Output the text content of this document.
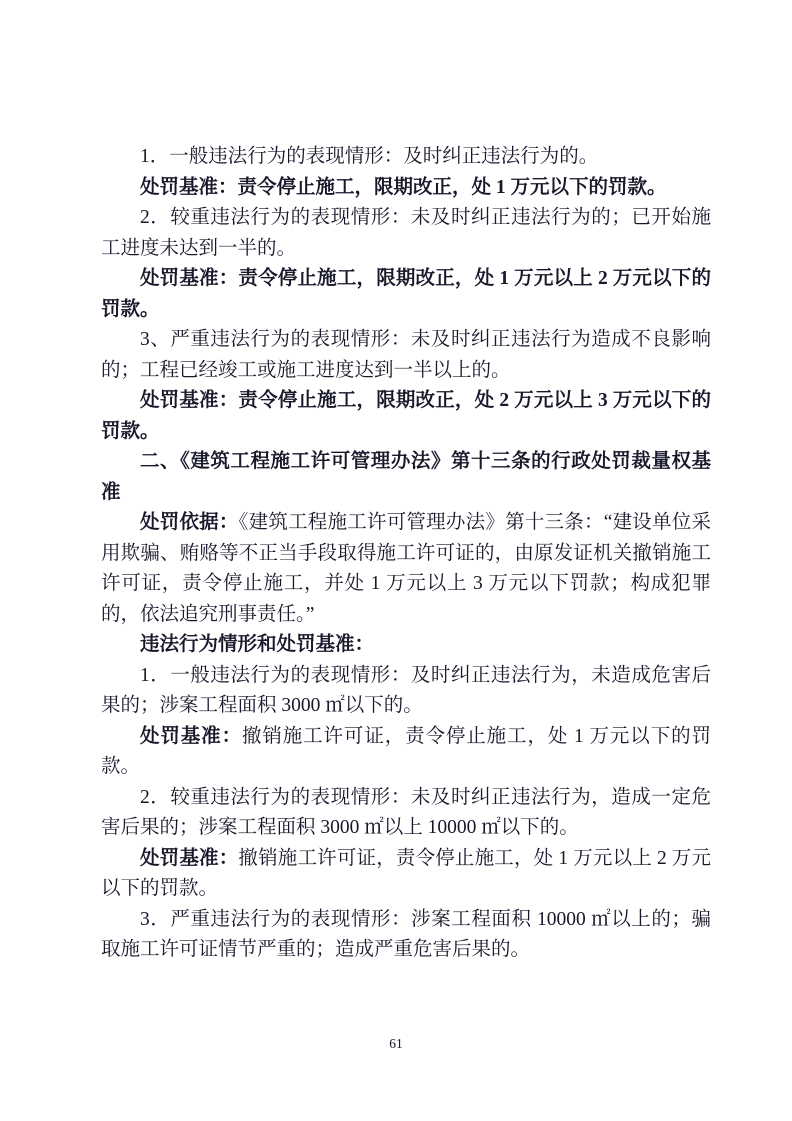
1．一般违法行为的表现情形：及时纠正违法行为的。

处罚基准：责令停止施工，限期改正，处 1 万元以下的罚款。

2．较重违法行为的表现情形：未及时纠正违法行为的；已开始施工进度未达到一半的。

处罚基准：责令停止施工，限期改正，处 1 万元以上 2 万元以下的罚款。

3、严重违法行为的表现情形：未及时纠正违法行为造成不良影响的；工程已经竣工或施工进度达到一半以上的。

处罚基准：责令停止施工，限期改正，处 2 万元以上 3 万元以下的罚款。

二、《建筑工程施工许可管理办法》第十三条的行政处罚裁量权基准

处罚依据：《建筑工程施工许可管理办法》第十三条：“建设单位采用欺骗、贿赂等不正当手段取得施工许可证的，由原发证机关撤销施工许可证，责令停止施工，并处 1 万元以上 3 万元以下罚款；构成犯罪的，依法追究刑事责任。”

违法行为情形和处罚基准：

1．一般违法行为的表现情形：及时纠正违法行为，未造成危害后果的；涉案工程面积 3000 ㎡以下的。

处罚基准：撤销施工许可证，责令停止施工，处 1 万元以下的罚款。

2．较重违法行为的表现情形：未及时纠正违法行为，造成一定危害后果的；涉案工程面积 3000 ㎡以上 10000 ㎡以下的。

处罚基准：撤销施工许可证，责令停止施工，处 1 万元以上 2 万元以下的罚款。

3．严重违法行为的表现情形：涉案工程面积 10000 ㎡以上的；骗取施工许可证情节严重的；造成严重危害后果的。

61
